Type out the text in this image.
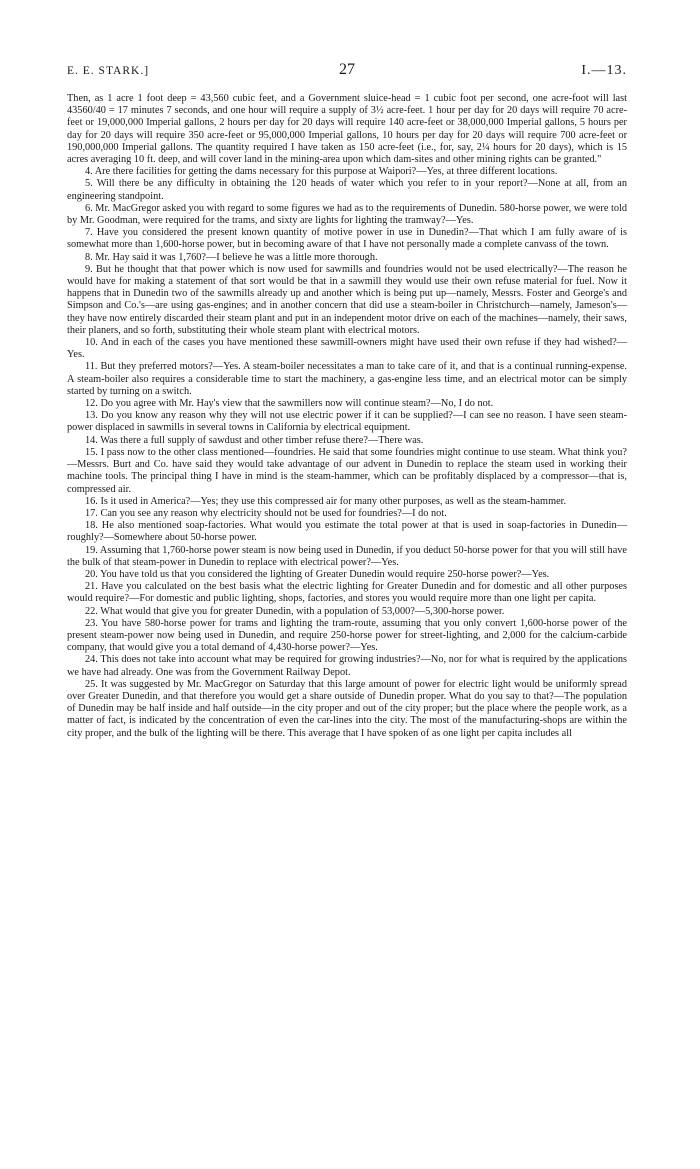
E. E. STARK.]	27	I.—13.

Then, as 1 acre 1 foot deep = 43,560 cubic feet, and a Government sluice-head = 1 cubic foot per second, one acre-foot will last 43560/40 = 17 minutes 7 seconds, and one hour will require a supply of 3½ acre-feet. 1 hour per day for 20 days will require 70 acre-feet or 19,000,000 Imperial gallons, 2 hours per day for 20 days will require 140 acre-feet or 38,000,000 Imperial gallons, 5 hours per day for 20 days will require 350 acre-feet or 95,000,000 Imperial gallons, 10 hours per day for 20 days will require 700 acre-feet or 190,000,000 Imperial gallons. The quantity required I have taken as 150 acre-feet (i.e., for, say, 2¼ hours for 20 days), which is 15 acres averaging 10 ft. deep, and will cover land in the mining-area upon which dam-sites and other mining rights can be granted."

4. Are there facilities for getting the dams necessary for this purpose at Waipori?—Yes, at three different locations.

5. Will there be any difficulty in obtaining the 120 heads of water which you refer to in your report?—None at all, from an engineering standpoint.

6. Mr. MacGregor asked you with regard to some figures we had as to the requirements of Dunedin. 580-horse power, we were told by Mr. Goodman, were required for the trams, and sixty are lights for lighting the tramway?—Yes.

7. Have you considered the present known quantity of motive power in use in Dunedin?—That which I am fully aware of is somewhat more than 1,600-horse power, but in becoming aware of that I have not personally made a complete canvass of the town.

8. Mr. Hay said it was 1,760?—I believe he was a little more thorough.

9. But he thought that that power which is now used for sawmills and foundries would not be used electrically?—The reason he would have for making a statement of that sort would be that in a sawmill they would use their own refuse material for fuel. Now it happens that in Dunedin two of the sawmills already up and another which is being put up—namely, Messrs. Foster and George's and Simpson and Co.'s—are using gas-engines; and in another concern that did use a steam-boiler in Christchurch—namely, Jameson's—they have now entirely discarded their steam plant and put in an independent motor drive on each of the machines—namely, their saws, their planers, and so forth, substituting their whole steam plant with electrical motors.

10. And in each of the cases you have mentioned these sawmill-owners might have used their own refuse if they had wished?—Yes.

11. But they preferred motors?—Yes. A steam-boiler necessitates a man to take care of it, and that is a continual running-expense. A steam-boiler also requires a considerable time to start the machinery, a gas-engine less time, and an electrical motor can be simply started by turning on a switch.

12. Do you agree with Mr. Hay's view that the sawmillers now will continue steam?—No, I do not.

13. Do you know any reason why they will not use electric power if it can be supplied?—I can see no reason. I have seen steam-power displaced in sawmills in several towns in California by electrical equipment.

14. Was there a full supply of sawdust and other timber refuse there?—There was.

15. I pass now to the other class mentioned—foundries. He said that some foundries might continue to use steam. What think you?—Messrs. Burt and Co. have said they would take advantage of our advent in Dunedin to replace the steam used in working their machine tools. The principal thing I have in mind is the steam-hammer, which can be profitably displaced by a compressor—that is, compressed air.

16. Is it used in America?—Yes; they use this compressed air for many other purposes, as well as the steam-hammer.

17. Can you see any reason why electricity should not be used for foundries?—I do not.

18. He also mentioned soap-factories. What would you estimate the total power at that is used in soap-factories in Dunedin—roughly?—Somewhere about 50-horse power.

19. Assuming that 1,760-horse power steam is now being used in Dunedin, if you deduct 50-horse power for that you will still have the bulk of that steam-power in Dunedin to replace with electrical power?—Yes.

20. You have told us that you considered the lighting of Greater Dunedin would require 250-horse power?—Yes.

21. Have you calculated on the best basis what the electric lighting for Greater Dunedin and for domestic and all other purposes would require?—For domestic and public lighting, shops, factories, and stores you would require more than one light per capita.

22. What would that give you for greater Dunedin, with a population of 53,000?—5,300-horse power.

23. You have 580-horse power for trams and lighting the tram-route, assuming that you only convert 1,600-horse power of the present steam-power now being used in Dunedin, and require 250-horse power for street-lighting, and 2,000 for the calcium-carbide company, that would give you a total demand of 4,430-horse power?—Yes.

24. This does not take into account what may be required for growing industries?—No, nor for what is required by the applications we have had already. One was from the Government Railway Depot.

25. It was suggested by Mr. MacGregor on Saturday that this large amount of power for electric light would be uniformly spread over Greater Dunedin, and that therefore you would get a share outside of Dunedin proper. What do you say to that?—The population of Dunedin may be half inside and half outside—in the city proper and out of the city proper; but the place where the people work, as a matter of fact, is indicated by the concentration of even the car-lines into the city. The most of the manufacturing-shops are within the city proper, and the bulk of the lighting will be there. This average that I have spoken of as one light per capita includes all
